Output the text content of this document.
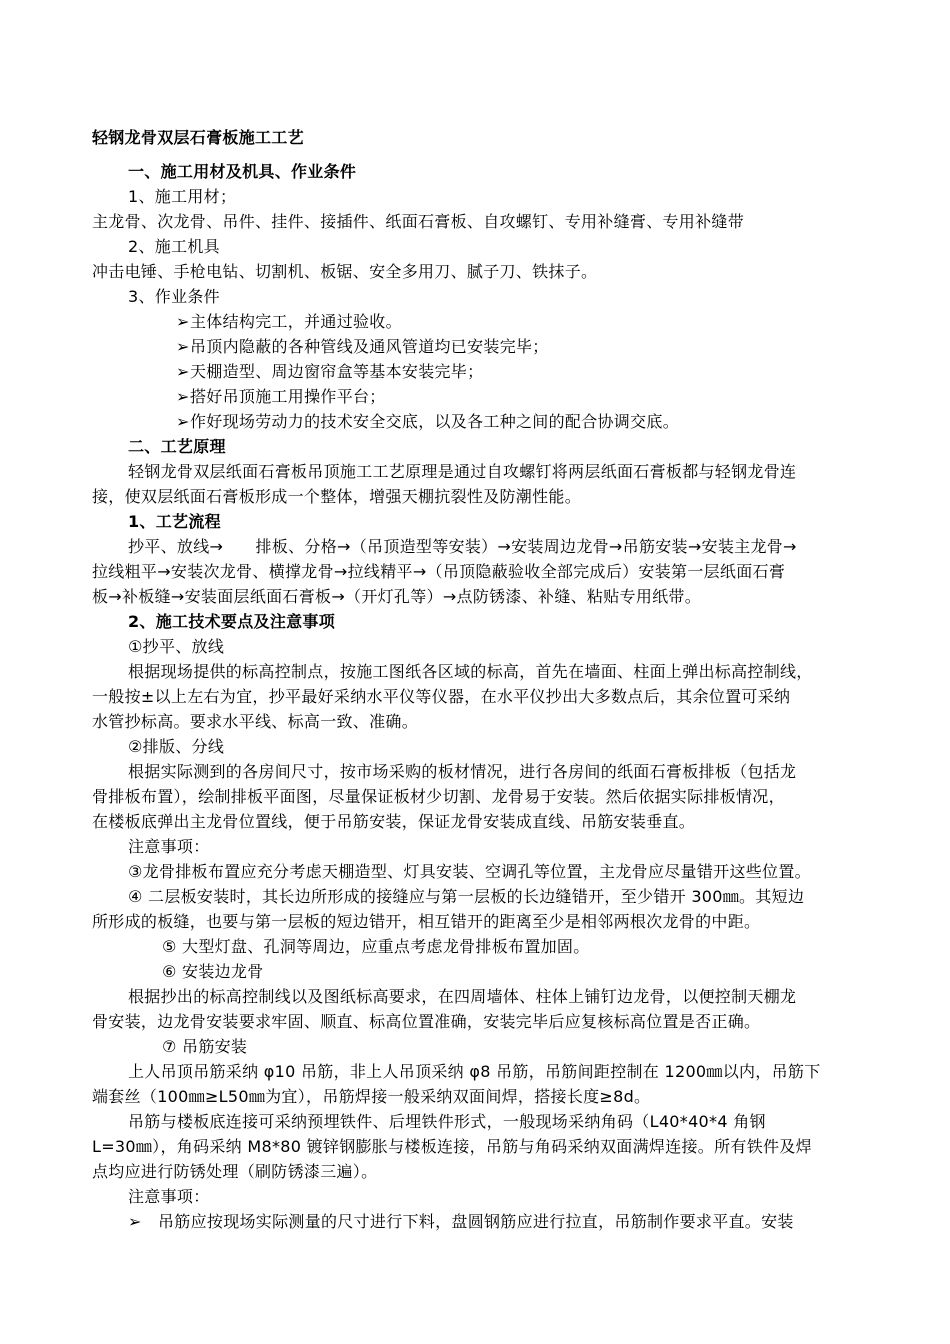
轻钢龙骨双层石膏板施工工艺
一、施工用材及机具、作业条件
1、施工用材；
主龙骨、次龙骨、吊件、挂件、接插件、纸面石膏板、自攻螺钉、专用补缝膏、专用补缝带
2、施工机具
冲击电锤、手枪电钻、切割机、板锯、安全多用刀、腻子刀、铁抹子。
3、作业条件
➢主体结构完工，并通过验收。
➢吊顶内隐蔽的各种管线及通风管道均已安装完毕；
➢天棚造型、周边窗帘盒等基本安装完毕；
➢搭好吊顶施工用操作平台；
➢作好现场劳动力的技术安全交底，以及各工种之间的配合协调交底。
二、工艺原理
轻钢龙骨双层纸面石膏板吊顶施工工艺原理是通过自攻螺钉将两层纸面石膏板都与轻钢龙骨连
接，使双层纸面石膏板形成一个整体，增强天棚抗裂性及防潮性能。
1、工艺流程
抄平、放线→      排板、分格→（吊顶造型等安装）→安装周边龙骨→吊筋安装→安装主龙骨→
拉线粗平→安装次龙骨、横撑龙骨→拉线精平→（吊顶隐蔽验收全部完成后）安装第一层纸面石膏
板→补板缝→安装面层纸面石膏板→（开灯孔等）→点防锈漆、补缝、粘贴专用纸带。
2、施工技术要点及注意事项
①抄平、放线
根据现场提供的标高控制点，按施工图纸各区域的标高，首先在墙面、柱面上弹出标高控制线，
一般按±以上左右为宜，抄平最好采纳水平仪等仪器，在水平仪抄出大多数点后，其余位置可采纳
水管抄标高。要求水平线、标高一致、准确。
②排版、分线
根据实际测到的各房间尺寸，按市场采购的板材情况，进行各房间的纸面石膏板排板（包括龙
骨排板布置），绘制排板平面图，尽量保证板材少切割、龙骨易于安装。然后依据实际排板情况，
在楼板底弹出主龙骨位置线，便于吊筋安装，保证龙骨安装成直线、吊筋安装垂直。
注意事项：
③龙骨排板布置应充分考虑天棚造型、灯具安装、空调孔等位置，主龙骨应尽量错开这些位置。
④ 二层板安装时，其长边所形成的接缝应与第一层板的长边缝错开，至少错开 300㎜。其短边
所形成的板缝，也要与第一层板的短边错开，相互错开的距离至少是相邻两根次龙骨的中距。
⑤ 大型灯盘、孔洞等周边，应重点考虑龙骨排板布置加固。
⑥ 安装边龙骨
根据抄出的标高控制线以及图纸标高要求，在四周墙体、柱体上铺钉边龙骨，以便控制天棚龙
骨安装，边龙骨安装要求牢固、顺直、标高位置准确，安装完毕后应复核标高位置是否正确。
⑦ 吊筋安装
上人吊顶吊筋采纳 φ10 吊筋，非上人吊顶采纳 φ8 吊筋，吊筋间距控制在 1200㎜以内，吊筋下
端套丝（100㎜≥L50㎜为宜），吊筋焊接一般采纳双面间焊，搭接长度≥8d。
吊筋与楼板底连接可采纳预埋铁件、后埋铁件形式，一般现场采纳角码（L40*40*4 角钢
L=30㎜），角码采纳 M8*80 镀锌钢膨胀与楼板连接，吊筋与角码采纳双面满焊连接。所有铁件及焊
点均应进行防锈处理（刷防锈漆三遍）。
注意事项：
➢ 吊筋应按现场实际测量的尺寸进行下料，盘圆钢筋应进行拉直，吊筋制作要求平直。安装
